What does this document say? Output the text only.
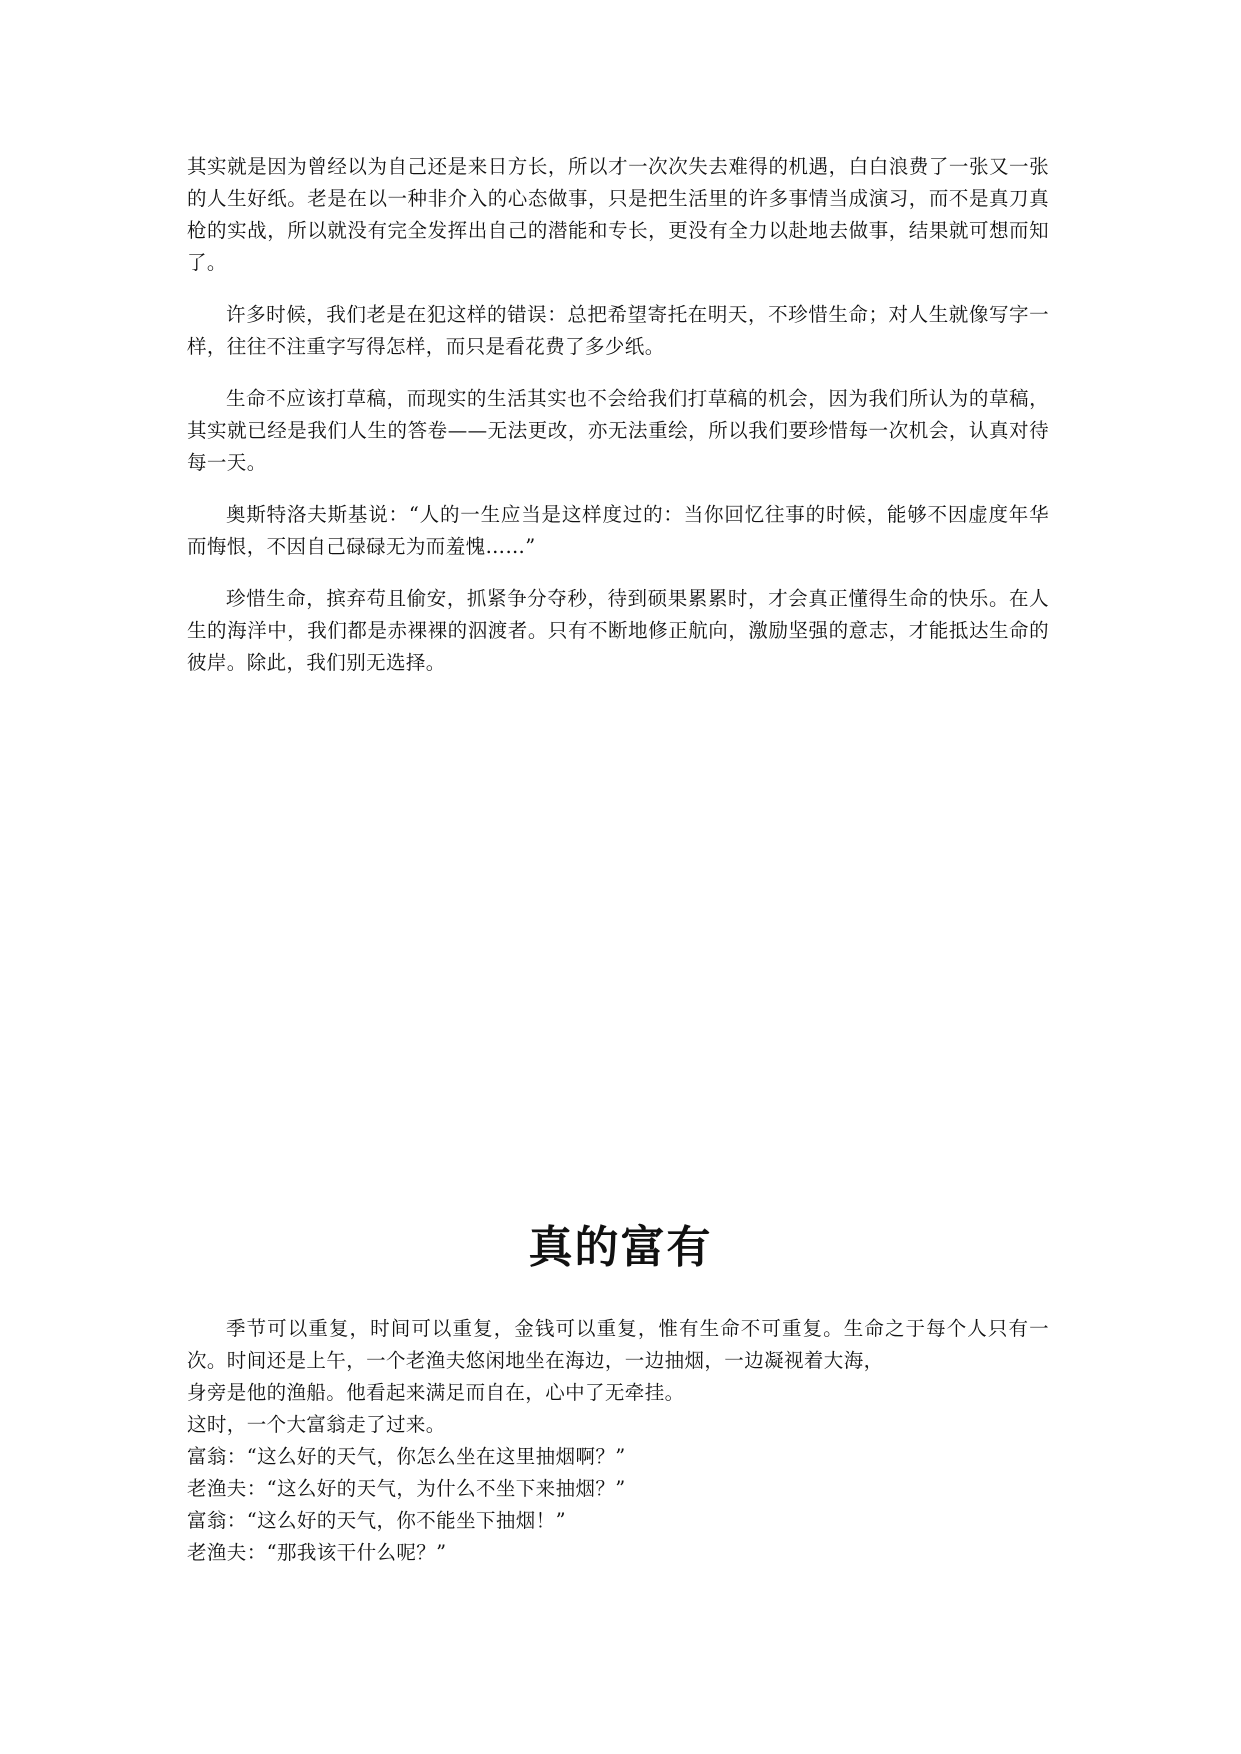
其实就是因为曾经以为自己还是来日方长，所以才一次次失去难得的机遇，白白浪费了一张又一张的人生好纸。老是在以一种非介入的心态做事，只是把生活里的许多事情当成演习，而不是真刀真枪的实战，所以就没有完全发挥出自己的潜能和专长，更没有全力以赴地去做事，结果就可想而知了。

许多时候，我们老是在犯这样的错误：总把希望寄托在明天，不珍惜生命；对人生就像写字一样，往往不注重字写得怎样，而只是看花费了多少纸。

生命不应该打草稿，而现实的生活其实也不会给我们打草稿的机会，因为我们所认为的草稿，其实就已经是我们人生的答卷——无法更改，亦无法重绘，所以我们要珍惜每一次机会，认真对待每一天。

奥斯特洛夫斯基说：“人的一生应当是这样度过的：当你回忆往事的时候，能够不因虚度年华而悔恨，不因自己碌碌无为而羞愧……”

珍惜生命，摈弃苟且偷安，抓紧争分夺秒，待到硕果累累时，才会真正懂得生命的快乐。在人生的海洋中，我们都是赤裸裸的泅渡者。只有不断地修正航向，激励坚强的意志，才能抵达生命的彼岸。除此，我们别无选择。

真的富有

季节可以重复，时间可以重复，金钱可以重复，惟有生命不可重复。生命之于每个人只有一次。时间还是上午，一个老渔夫悠闲地坐在海边，一边抽烟，一边凝视着大海，

身旁是他的渔船。他看起来满足而自在，心中了无牵挂。

这时，一个大富翁走了过来。

富翁：“这么好的天气，你怎么坐在这里抽烟啊？”

老渔夫：“这么好的天气，为什么不坐下来抽烟？”

富翁：“这么好的天气，你不能坐下抽烟！”

老渔夫：“那我该干什么呢？”
